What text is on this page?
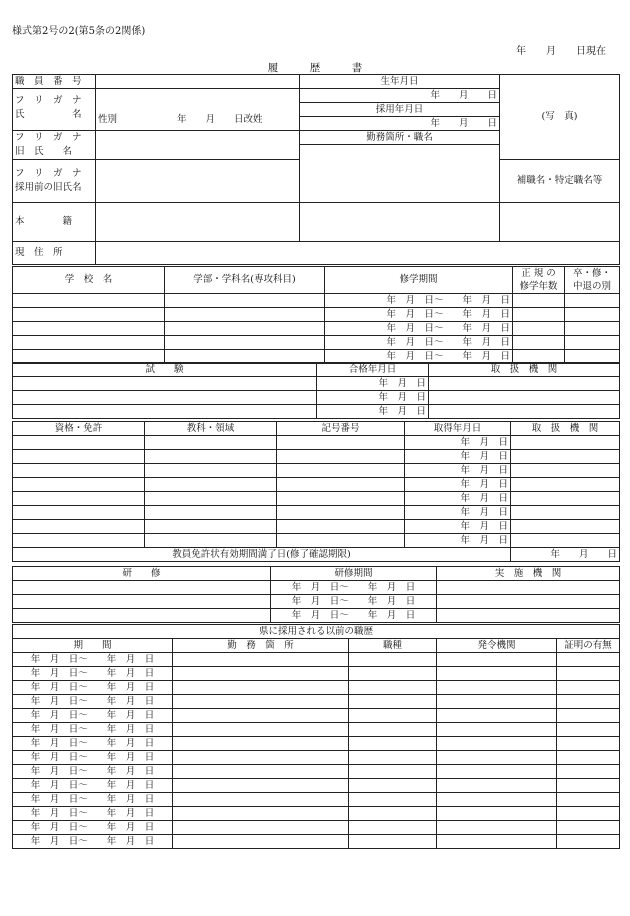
様式第2号の2(第5条の2関係)
年　　月　　日現在
履　　　歴　　　書
職　員　番　号		生年月日	(写　真)	
フ　リ　ガ　ナ
氏　　　　　名	性別 年　　月　　日改姓	年　　月　　日		
		採用年月日		
		年　　月　　日		
フ　リ　ガ　ナ
旧　氏　　名		勤務箇所・職名		

フ　リ　ガ　ナ
採用前の旧氏名				
			補職名・特定職名等	
本　　　　籍				
現　住　所				
学　校　名	学部・学科名(専攻科目)	修学期間	正 規 の
修学年数	卒・修・
中退の別
		年　月　日〜　　年　月　日		
		年　月　日〜　　年　月　日		
		年　月　日〜　　年　月　日		
		年　月　日〜　　年　月　日		
		年　月　日〜　　年　月　日		
試　　験	合格年月日	取　扱　機　関
	年　月　日	
	年　月　日	
	年　月　日	
資格・免許	教科・領域	記号番号	取得年月日	取　扱　機　関
			年　月　日	
			年　月　日	
			年　月　日	
			年　月　日	
			年　月　日	
			年　月　日	
			年　月　日	
			年　月　日	
教員免許状有効期間満了日(修了確認期限)				年　　月　　日
研　　修	研修期間	実　施　機　関
	年　月　日〜　　年　月　日	
	年　月　日〜　　年　月　日	
	年　月　日〜　　年　月　日	
県に採用される以前の職歴				
期　　間	勤　務　箇　所	職種	発令機関	証明の有無
年　月　日〜　　年　月　日				
年　月　日〜　　年　月　日				
年　月　日〜　　年　月　日				
年　月　日〜　　年　月　日				
年　月　日〜　　年　月　日				
年　月　日〜　　年　月　日				
年　月　日〜　　年　月　日				
年　月　日〜　　年　月　日				
年　月　日〜　　年　月　日				
年　月　日〜　　年　月　日				
年　月　日〜　　年　月　日				
年　月　日〜　　年　月　日				
年　月　日〜　　年　月　日				
年　月　日〜　　年　月　日				
